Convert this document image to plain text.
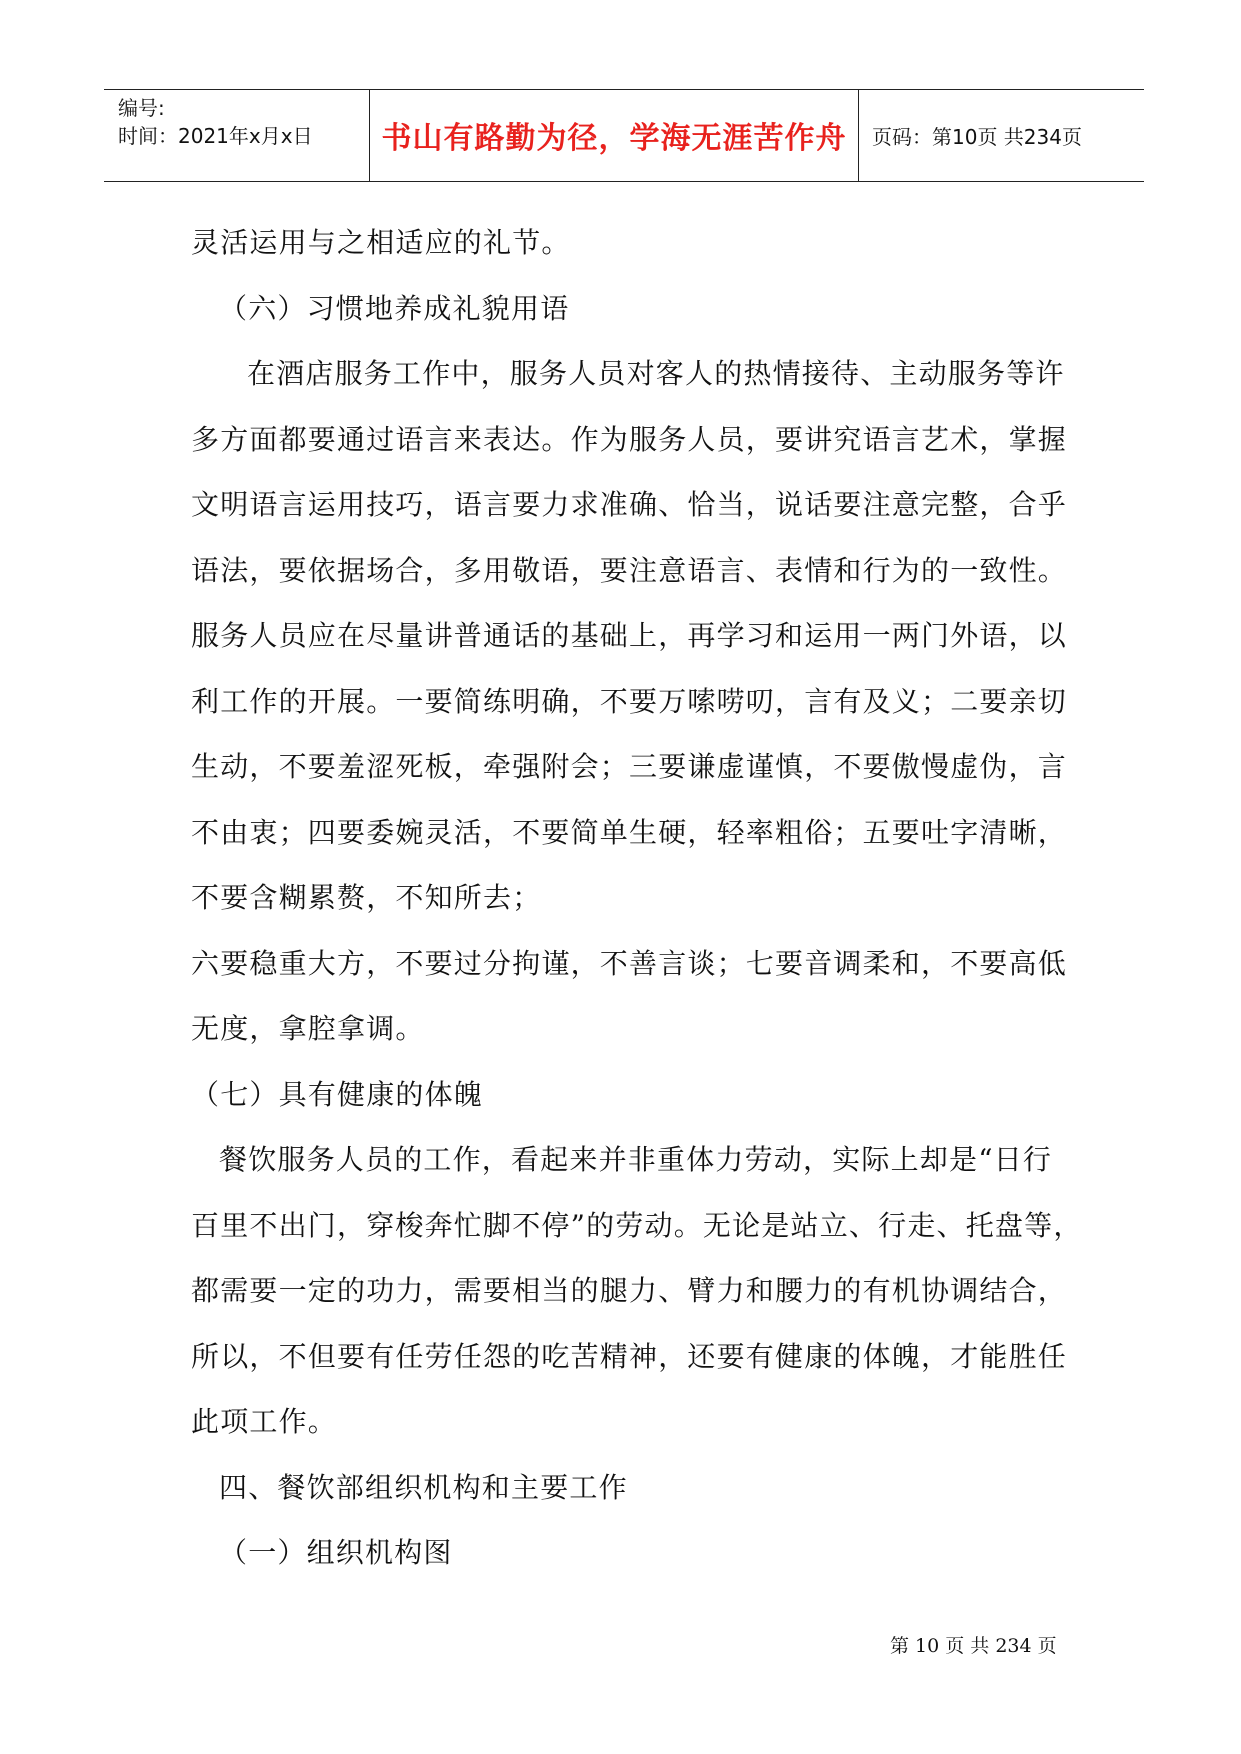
编号:
时间：2021年x月x日	书山有路勤为径，学海无涯苦作舟	页码：第10页 共234页

灵活运用与之相适应的礼节。

（六）习惯地养成礼貌用语

在酒店服务工作中，服务人员对客人的热情接待、主动服务等许

多方面都要通过语言来表达。作为服务人员，要讲究语言艺术，掌握

文明语言运用技巧，语言要力求准确、恰当，说话要注意完整，合乎

语法，要依据场合，多用敬语，要注意语言、表情和行为的一致性。

服务人员应在尽量讲普通话的基础上，再学习和运用一两门外语，以

利工作的开展。一要简练明确，不要万嗦唠叨，言有及义；二要亲切

生动，不要羞涩死板，牵强附会；三要谦虚谨慎，不要傲慢虚伪，言

不由衷；四要委婉灵活，不要简单生硬，轻率粗俗；五要吐字清晰，

不要含糊累赘，不知所去；

六要稳重大方，不要过分拘谨，不善言谈；七要音调柔和，不要高低

无度，拿腔拿调。

（七）具有健康的体魄

餐饮服务人员的工作，看起来并非重体力劳动，实际上却是“日行

百里不出门，穿梭奔忙脚不停”的劳动。无论是站立、行走、托盘等，

都需要一定的功力，需要相当的腿力、臂力和腰力的有机协调结合，

所以，不但要有任劳任怨的吃苦精神，还要有健康的体魄，才能胜任

此项工作。

四、餐饮部组织机构和主要工作

（一）组织机构图

第 10 页 共 234 页
